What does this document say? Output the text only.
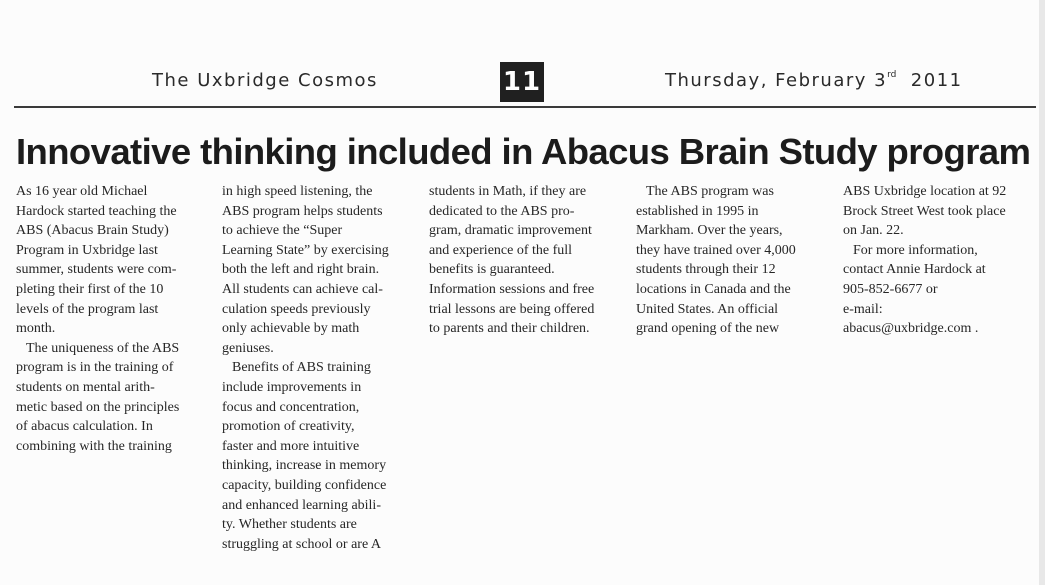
The Uxbridge Cosmos	11	Thursday, February 3rd 2011
Innovative thinking included in Abacus Brain Study program
As 16 year old Michael
Hardock started teaching the
ABS (Abacus Brain Study)
Program in Uxbridge last
summer, students were com-
pleting their first of the 10
levels of the program last
month.
The uniqueness of the ABS
program is in the training of
students on mental arith-
metic based on the principles
of abacus calculation. In
combining with the training
in high speed listening, the
ABS program helps students
to achieve the “Super
Learning State” by exercising
both the left and right brain.
All students can achieve cal-
culation speeds previously
only achievable by math
geniuses.
Benefits of ABS training
include improvements in
focus and concentration,
promotion of creativity,
faster and more intuitive
thinking, increase in memory
capacity, building confidence
and enhanced learning abili-
ty. Whether students are
struggling at school or are A
students in Math, if they are
dedicated to the ABS pro-
gram, dramatic improvement
and experience of the full
benefits is guaranteed.
Information sessions and free
trial lessons are being offered
to parents and their children.
The ABS program was
established in 1995 in
Markham. Over the years,
they have trained over 4,000
students through their 12
locations in Canada and the
United States. An official
grand opening of the new
ABS Uxbridge location at 92
Brock Street West took place
on Jan. 22.
For more information,
contact Annie Hardock at
905-852-6677 or
e-mail:
abacus@uxbridge.com .
